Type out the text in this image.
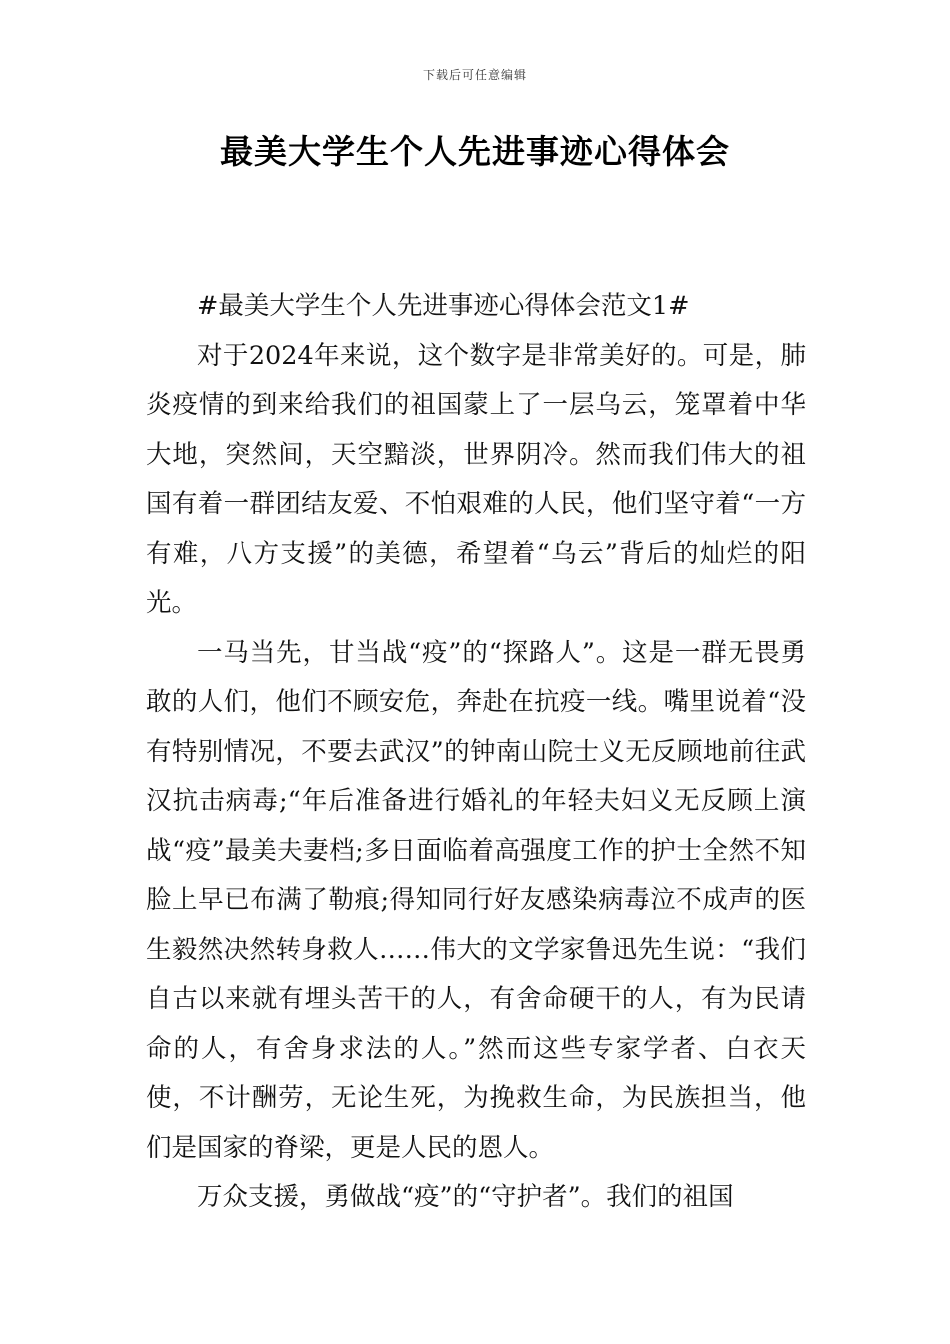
下载后可任意编辑
最美大学生个人先进事迹心得体会

#最美大学生个人先进事迹心得体会范文1#

对于2024年来说，这个数字是非常美好的。可是，肺炎疫情的到来给我们的祖国蒙上了一层乌云，笼罩着中华大地，突然间，天空黯淡，世界阴冷。然而我们伟大的祖国有着一群团结友爱、不怕艰难的人民，他们坚守着“一方有难，八方支援”的美德，希望着“乌云”背后的灿烂的阳光。

一马当先，甘当战“疫”的“探路人”。这是一群无畏勇敢的人们，他们不顾安危，奔赴在抗疫一线。嘴里说着“没有特别情况，不要去武汉”的钟南山院士义无反顾地前往武汉抗击病毒;“年后准备进行婚礼的年轻夫妇义无反顾上演战“疫”最美夫妻档;多日面临着高强度工作的护士全然不知脸上早已布满了勒痕;得知同行好友感染病毒泣不成声的医生毅然决然转身救人……伟大的文学家鲁迅先生说：“我们自古以来就有埋头苦干的人，有舍命硬干的人，有为民请命的人，有舍身求法的人。”然而这些专家学者、白衣天使，不计酬劳，无论生死，为挽救生命，为民族担当，他们是国家的脊梁，更是人民的恩人。

万众支援，勇做战“疫”的“守护者”。我们的祖国
